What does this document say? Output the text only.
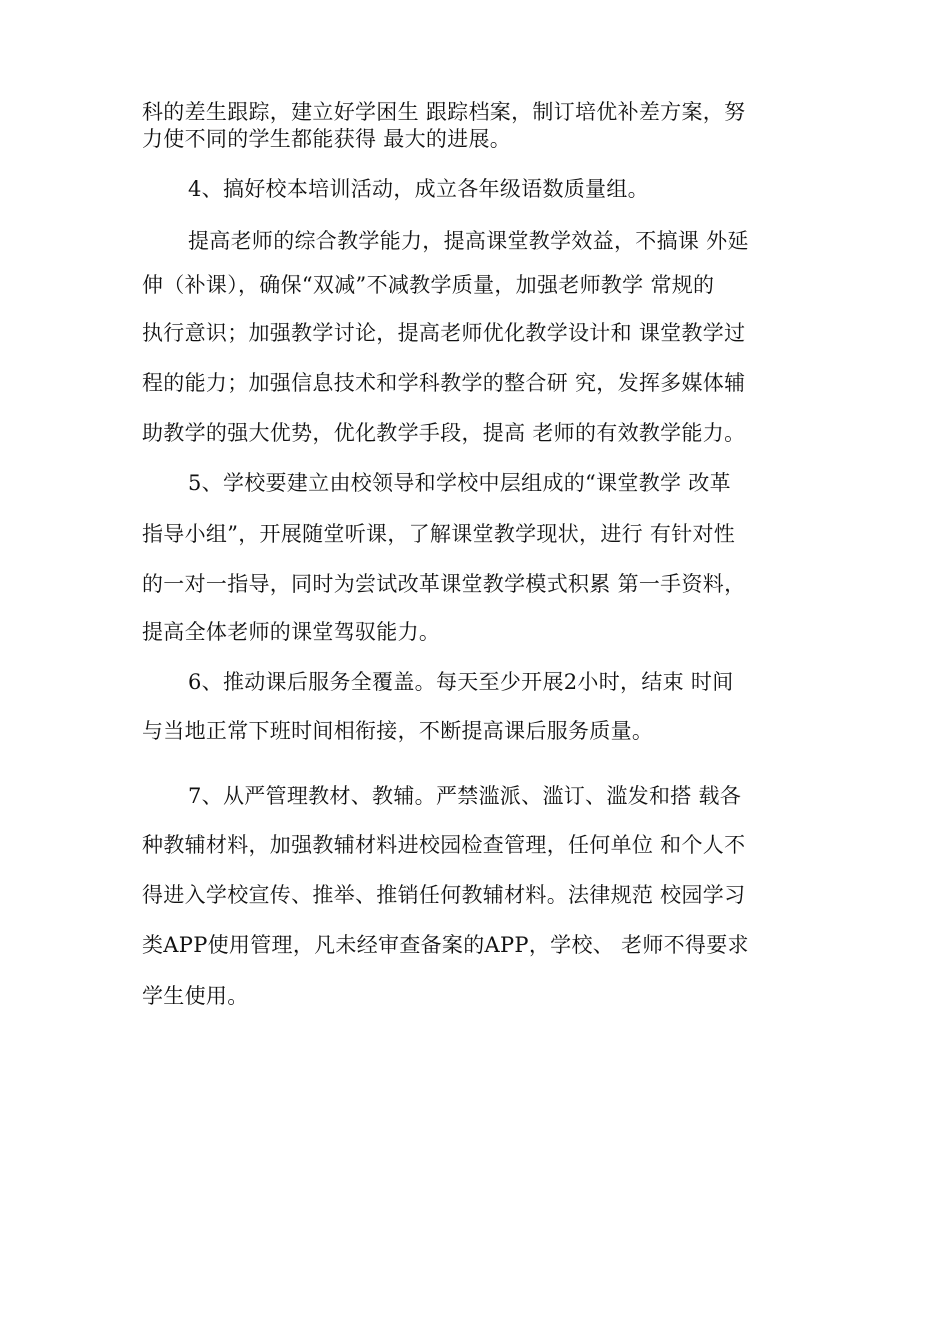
科的差生跟踪，建立好学困生 跟踪档案，制订培优补差方案，努

力使不同的学生都能获得 最大的进展。

4、搞好校本培训活动，成立各年级语数质量组。

提高老师的综合教学能力，提高课堂教学效益，不搞课 外延

伸（补课），确保“双减”不减教学质量，加强老师教学 常规的

执行意识；加强教学讨论，提高老师优化教学设计和 课堂教学过

程的能力；加强信息技术和学科教学的整合研 究，发挥多媒体辅

助教学的强大优势，优化教学手段，提高 老师的有效教学能力。

5、学校要建立由校领导和学校中层组成的“课堂教学 改革

指导小组”，开展随堂听课，了解课堂教学现状，进行 有针对性

的一对一指导，同时为尝试改革课堂教学模式积累 第一手资料，

提高全体老师的课堂驾驭能力。

6、推动课后服务全覆盖。每天至少开展2小时，结束 时间

与当地正常下班时间相衔接，不断提高课后服务质量。

7、从严管理教材、教辅。严禁滥派、滥订、滥发和搭 载各

种教辅材料，加强教辅材料进校园检查管理，任何单位 和个人不

得进入学校宣传、推举、推销任何教辅材料。法律规范 校园学习

类APP使用管理，凡未经审查备案的APP，学校、 老师不得要求

学生使用。
